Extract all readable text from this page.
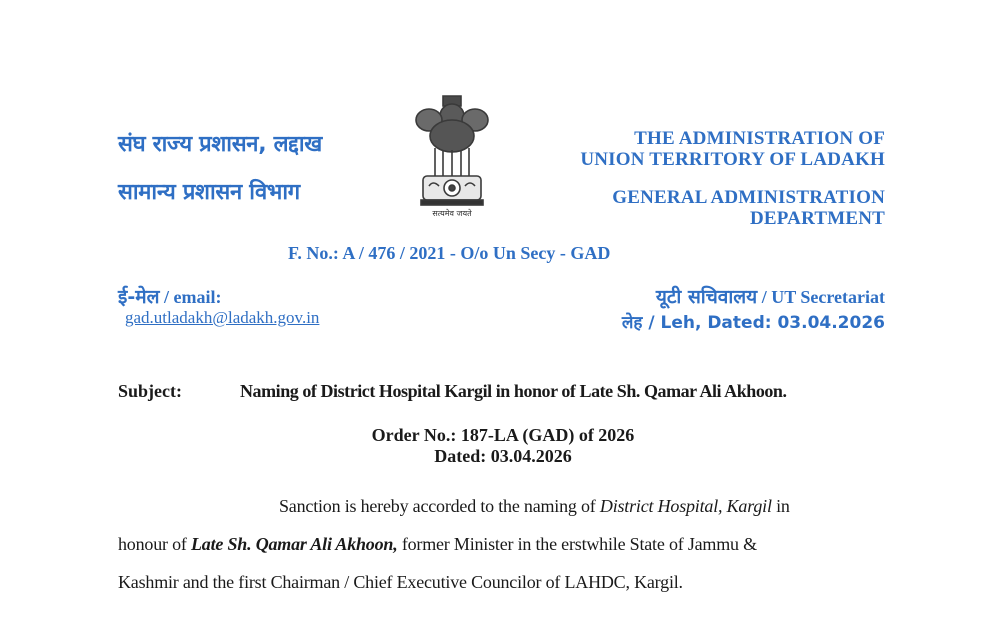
संघ राज्य प्रशासन, लद्दाख
सामान्य प्रशासन विभाग
सत्यमेव जयते
THE ADMINISTRATION OF
UNION TERRITORY OF LADAKH
GENERAL ADMINISTRATION
DEPARTMENT
F. No.: A / 476 / 2021 - O/o Un Secy - GAD
ई-मेल / email:
gad.utladakh@ladakh.gov.in
यूटी सचिवालय / UT Secretariat
लेह / Leh, Dated: 03.04.2026
Subject:	Naming of District Hospital Kargil in honor of Late Sh. Qamar Ali Akhoon.
Order No.: 187-LA (GAD) of 2026
Dated: 03.04.2026
Sanction is hereby accorded to the naming of District Hospital, Kargil in
honour of Late Sh. Qamar Ali Akhoon, former Minister in the erstwhile State of Jammu &
Kashmir and the first Chairman / Chief Executive Councilor of LAHDC, Kargil.
